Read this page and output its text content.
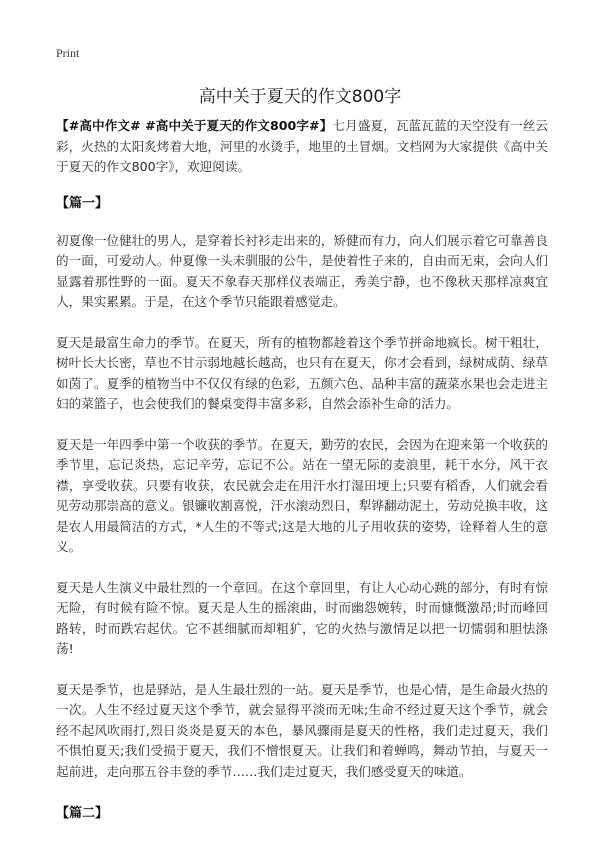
Print
高中关于夏天的作文800字

【#高中作文# #高中关于夏天的作文800字#】七月盛夏，瓦蓝瓦蓝的天空没有一丝云彩，火热的太阳炙烤着大地，河里的水烫手，地里的土冒烟。文档网为大家提供《高中关于夏天的作文800字》，欢迎阅读。

【篇一】

初夏像一位健壮的男人，是穿着长衬衫走出来的，矫健而有力，向人们展示着它可靠善良的一面，可爱动人。仲夏像一头未驯服的公牛，是使着性子来的，自由而无束，会向人们显露着那性野的一面。夏天不象春天那样仪表端正，秀美宁静，也不像秋天那样凉爽宜人，果实累累。于是，在这个季节只能跟着感觉走。

夏天是最富生命力的季节。在夏天，所有的植物都趁着这个季节拼命地疯长。树干粗壮，树叶长大长密，草也不甘示弱地越长越高，也只有在夏天，你才会看到，绿树成荫、绿草如茵了。夏季的植物当中不仅仅有绿的色彩，五颜六色、品种丰富的蔬菜水果也会走进主妇的菜篮子，也会使我们的餐桌变得丰富多彩，自然会添补生命的活力。

夏天是一年四季中第一个收获的季节。在夏天，勤劳的农民，会因为在迎来第一个收获的季节里，忘记炎热，忘记辛劳，忘记不公。站在一望无际的麦浪里，耗干水分，风干衣襟，享受收获。只要有收获，农民就会走在用汗水打湿田埂上;只要有稻香，人们就会看见劳动那崇高的意义。银镰收割喜悦，汗水滚动烈日，犁铧翻动泥土，劳动兑换丰收，这是农人用最简洁的方式，*人生的不等式;这是大地的儿子用收获的姿势，诠释着人生的意义。

夏天是人生演义中最壮烈的一个章回。在这个章回里，有让人心动心跳的部分，有时有惊无险，有时候有险不惊。夏天是人生的摇滚曲，时而幽怨婉转，时而慷慨激昂;时而峰回路转，时而跌宕起伏。它不甚细腻而却粗犷，它的火热与激情足以把一切懦弱和胆怯涤荡!

夏天是季节，也是驿站，是人生最壮烈的一站。夏天是季节，也是心情，是生命最火热的一次。人生不经过夏天这个季节，就会显得平淡而无味;生命不经过夏天这个季节，就会经不起风吹雨打,烈日炎炎是夏天的本色，暴风骤雨是夏天的性格，我们走过夏天，我们不惧怕夏天;我们受损于夏天，我们不憎恨夏天。让我们和着蝉鸣，舞动节拍，与夏天一起前进，走向那五谷丰登的季节……我们走过夏天，我们感受夏天的味道。

【篇二】
